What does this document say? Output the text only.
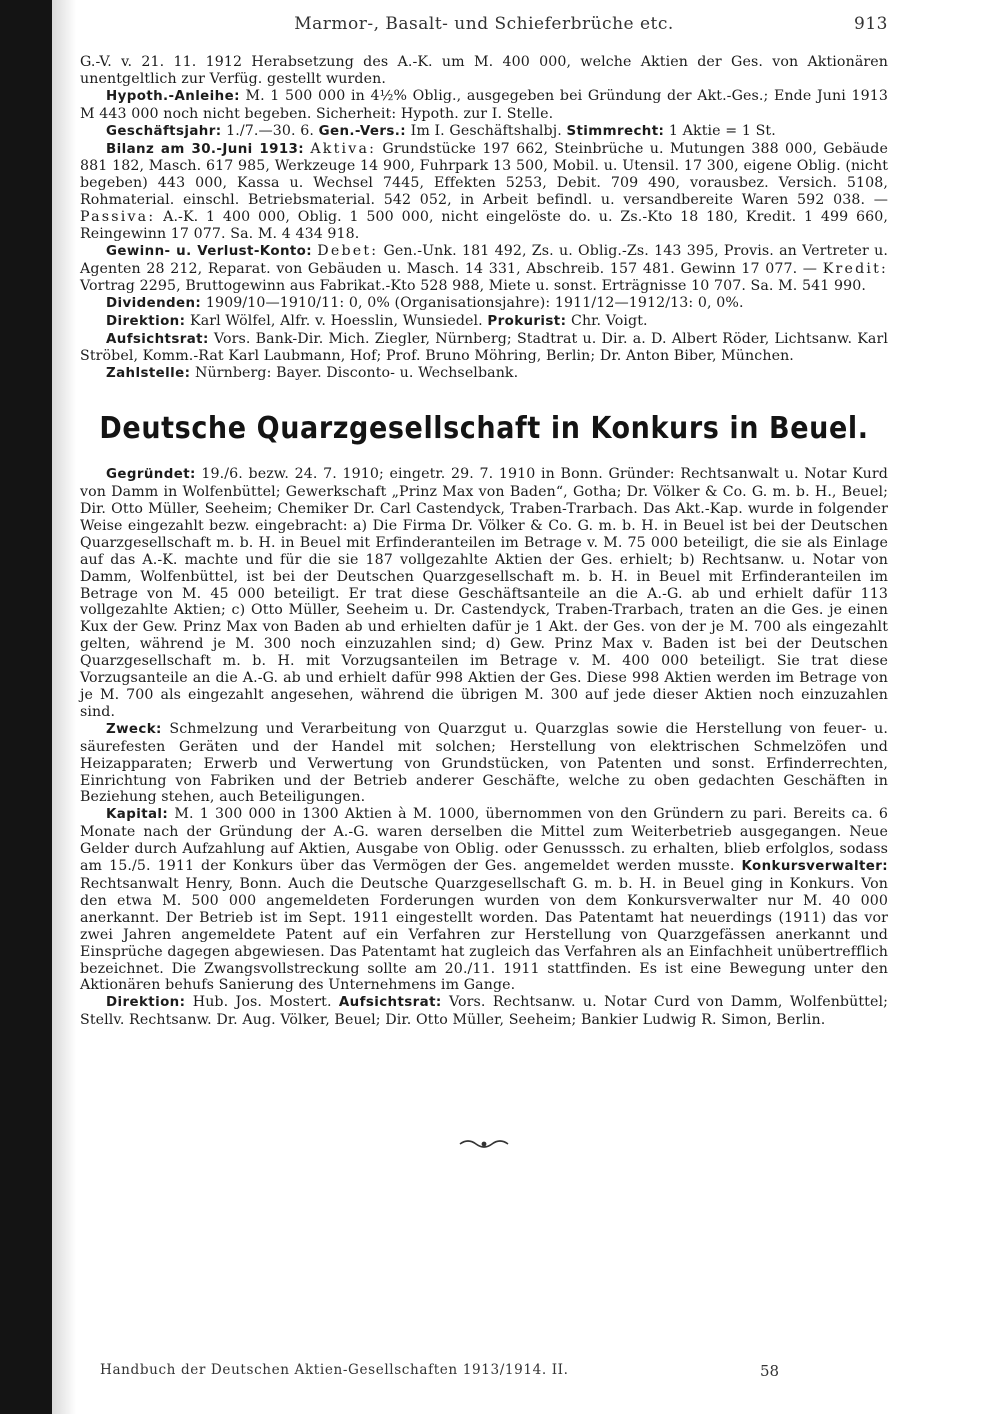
Marmor-, Basalt- und Schieferbrüche etc.	913

G.-V. v. 21. 11. 1912 Herabsetzung des A.-K. um M. 400 000, welche Aktien der Ges. von Aktionären unentgeltlich zur Verfüg. gestellt wurden.

Hypoth.-Anleihe: M. 1 500 000 in 4½% Oblig., ausgegeben bei Gründung der Akt.-Ges.; Ende Juni 1913 M 443 000 noch nicht begeben. Sicherheit: Hypoth. zur I. Stelle.

Geschäftsjahr: 1./7.—30. 6. Gen.-Vers.: Im I. Geschäftshalbj. Stimmrecht: 1 Aktie = 1 St.

Bilanz am 30.-Juni 1913: Aktiva: Grundstücke 197 662, Steinbrüche u. Mutungen 388 000, Gebäude 881 182, Masch. 617 985, Werkzeuge 14 900, Fuhrpark 13 500, Mobil. u. Utensil. 17 300, eigene Oblig. (nicht begeben) 443 000, Kassa u. Wechsel 7445, Effekten 5253, Debit. 709 490, vorausbez. Versich. 5108, Rohmaterial. einschl. Betriebsmaterial. 542 052, in Arbeit befindl. u. versandbereite Waren 592 038. — Passiva: A.-K. 1 400 000, Oblig. 1 500 000, nicht eingelöste do. u. Zs.-Kto 18 180, Kredit. 1 499 660, Reingewinn 17 077. Sa. M. 4 434 918.

Gewinn- u. Verlust-Konto: Debet: Gen.-Unk. 181 492, Zs. u. Oblig.-Zs. 143 395, Provis. an Vertreter u. Agenten 28 212, Reparat. von Gebäuden u. Masch. 14 331, Abschreib. 157 481. Gewinn 17 077. — Kredit: Vortrag 2295, Bruttogewinn aus Fabrikat.-Kto 528 988, Miete u. sonst. Erträgnisse 10 707. Sa. M. 541 990.

Dividenden: 1909/10—1910/11: 0, 0% (Organisationsjahre): 1911/12—1912/13: 0, 0%.

Direktion: Karl Wölfel, Alfr. v. Hoesslin, Wunsiedel. Prokurist: Chr. Voigt.

Aufsichtsrat: Vors. Bank-Dir. Mich. Ziegler, Nürnberg; Stadtrat u. Dir. a. D. Albert Röder, Lichtsanw. Karl Ströbel, Komm.-Rat Karl Laubmann, Hof; Prof. Bruno Möhring, Berlin; Dr. Anton Biber, München.

Zahlstelle: Nürnberg: Bayer. Disconto- u. Wechselbank.

Deutsche Quarzgesellschaft in Konkurs in Beuel.

Gegründet: 19./6. bezw. 24. 7. 1910; eingetr. 29. 7. 1910 in Bonn. Gründer: Rechtsanwalt u. Notar Kurd von Damm in Wolfenbüttel; Gewerkschaft „Prinz Max von Baden“, Gotha; Dr. Völker & Co. G. m. b. H., Beuel; Dir. Otto Müller, Seeheim; Chemiker Dr. Carl Castendyck, Traben-Trarbach. Das Akt.-Kap. wurde in folgender Weise eingezahlt bezw. eingebracht: a) Die Firma Dr. Völker & Co. G. m. b. H. in Beuel ist bei der Deutschen Quarzgesellschaft m. b. H. in Beuel mit Erfinderanteilen im Betrage v. M. 75 000 beteiligt, die sie als Einlage auf das A.-K. machte und für die sie 187 vollgezahlte Aktien der Ges. erhielt; b) Rechtsanw. u. Notar von Damm, Wolfenbüttel, ist bei der Deutschen Quarzgesellschaft m. b. H. in Beuel mit Erfinderanteilen im Betrage von M. 45 000 beteiligt. Er trat diese Geschäftsanteile an die A.-G. ab und erhielt dafür 113 vollgezahlte Aktien; c) Otto Müller, Seeheim u. Dr. Castendyck, Traben-Trarbach, traten an die Ges. je einen Kux der Gew. Prinz Max von Baden ab und erhielten dafür je 1 Akt. der Ges. von der je M. 700 als eingezahlt gelten, während je M. 300 noch einzuzahlen sind; d) Gew. Prinz Max v. Baden ist bei der Deutschen Quarzgesellschaft m. b. H. mit Vorzugsanteilen im Betrage v. M. 400 000 beteiligt. Sie trat diese Vorzugsanteile an die A.-G. ab und erhielt dafür 998 Aktien der Ges. Diese 998 Aktien werden im Betrage von je M. 700 als eingezahlt angesehen, während die übrigen M. 300 auf jede dieser Aktien noch einzuzahlen sind.

Zweck: Schmelzung und Verarbeitung von Quarzgut u. Quarzglas sowie die Herstellung von feuer- u. säurefesten Geräten und der Handel mit solchen; Herstellung von elektrischen Schmelzöfen und Heizapparaten; Erwerb und Verwertung von Grundstücken, von Patenten und sonst. Erfinderrechten, Einrichtung von Fabriken und der Betrieb anderer Geschäfte, welche zu oben gedachten Geschäften in Beziehung stehen, auch Beteiligungen.

Kapital: M. 1 300 000 in 1300 Aktien à M. 1000, übernommen von den Gründern zu pari. Bereits ca. 6 Monate nach der Gründung der A.-G. waren derselben die Mittel zum Weiterbetrieb ausgegangen. Neue Gelder durch Aufzahlung auf Aktien, Ausgabe von Oblig. oder Genusssch. zu erhalten, blieb erfolglos, sodass am 15./5. 1911 der Konkurs über das Vermögen der Ges. angemeldet werden musste. Konkursverwalter: Rechtsanwalt Henry, Bonn. Auch die Deutsche Quarzgesellschaft G. m. b. H. in Beuel ging in Konkurs. Von den etwa M. 500 000 angemeldeten Forderungen wurden von dem Konkursverwalter nur M. 40 000 anerkannt. Der Betrieb ist im Sept. 1911 eingestellt worden. Das Patentamt hat neuerdings (1911) das vor zwei Jahren angemeldete Patent auf ein Verfahren zur Herstellung von Quarzgefässen anerkannt und Einsprüche dagegen abgewiesen. Das Patentamt hat zugleich das Verfahren als an Einfachheit unübertrefflich bezeichnet. Die Zwangsvollstreckung sollte am 20./11. 1911 stattfinden. Es ist eine Bewegung unter den Aktionären behufs Sanierung des Unternehmens im Gange.

Direktion: Hub. Jos. Mostert. Aufsichtsrat: Vors. Rechtsanw. u. Notar Curd von Damm, Wolfenbüttel; Stellv. Rechtsanw. Dr. Aug. Völker, Beuel; Dir. Otto Müller, Seeheim; Bankier Ludwig R. Simon, Berlin.

Handbuch der Deutschen Aktien-Gesellschaften 1913/1914. II.	58
